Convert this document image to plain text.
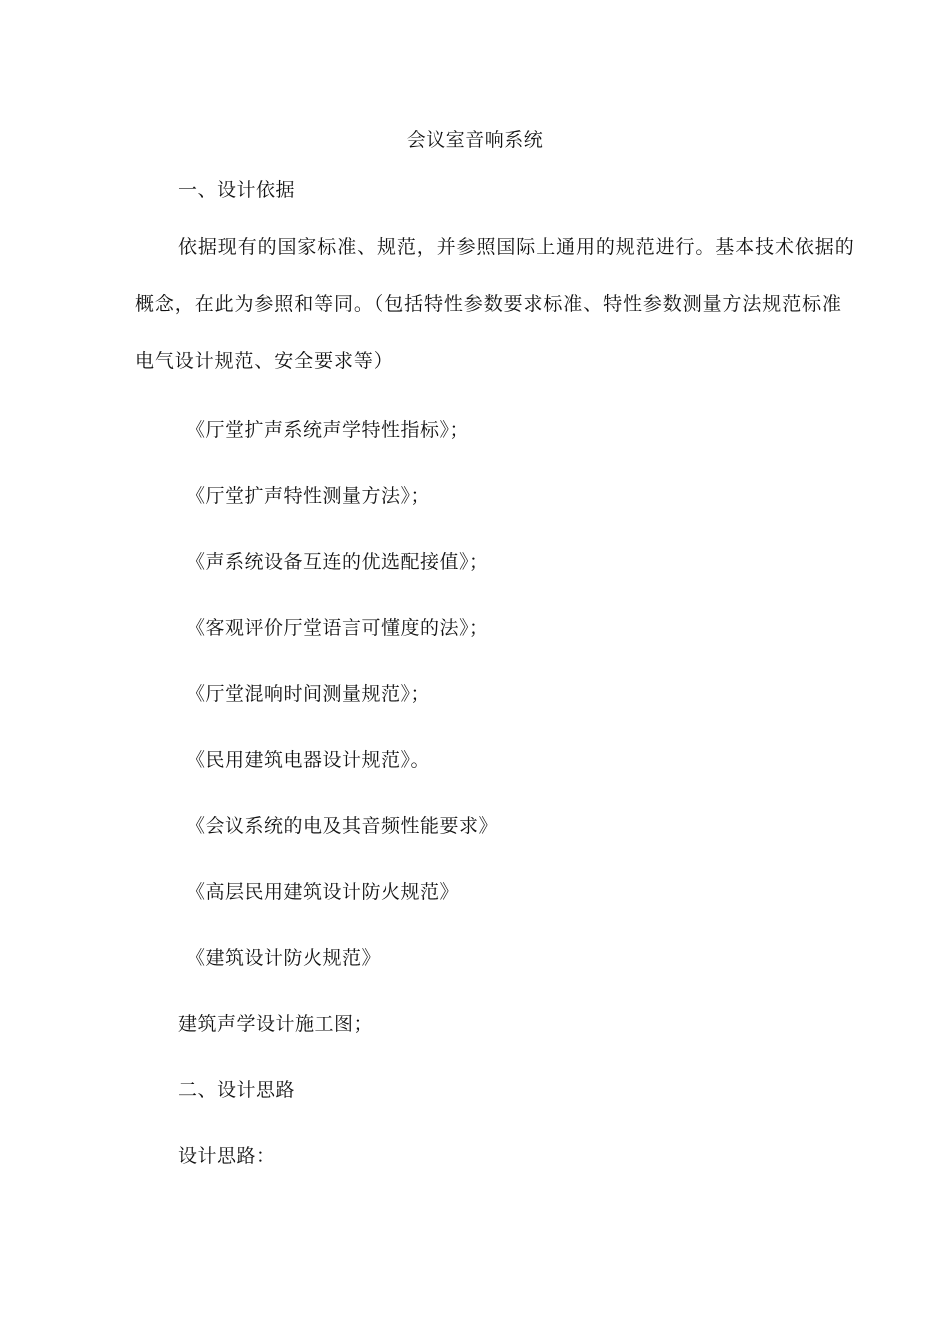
会议室音响系统
一、设计依据
依据现有的国家标准、规范，并参照国际上通用的规范进行。基本技术依据的
概念，在此为参照和等同。（包括特性参数要求标准、特性参数测量方法规范标准
电气设计规范、安全要求等）
《厅堂扩声系统声学特性指标》；
《厅堂扩声特性测量方法》；
《声系统设备互连的优选配接值》；
《客观评价厅堂语言可懂度的法》；
《厅堂混响时间测量规范》；
《民用建筑电器设计规范》。
《会议系统的电及其音频性能要求》
《高层民用建筑设计防火规范》
《建筑设计防火规范》
建筑声学设计施工图；
二、设计思路
设计思路：
